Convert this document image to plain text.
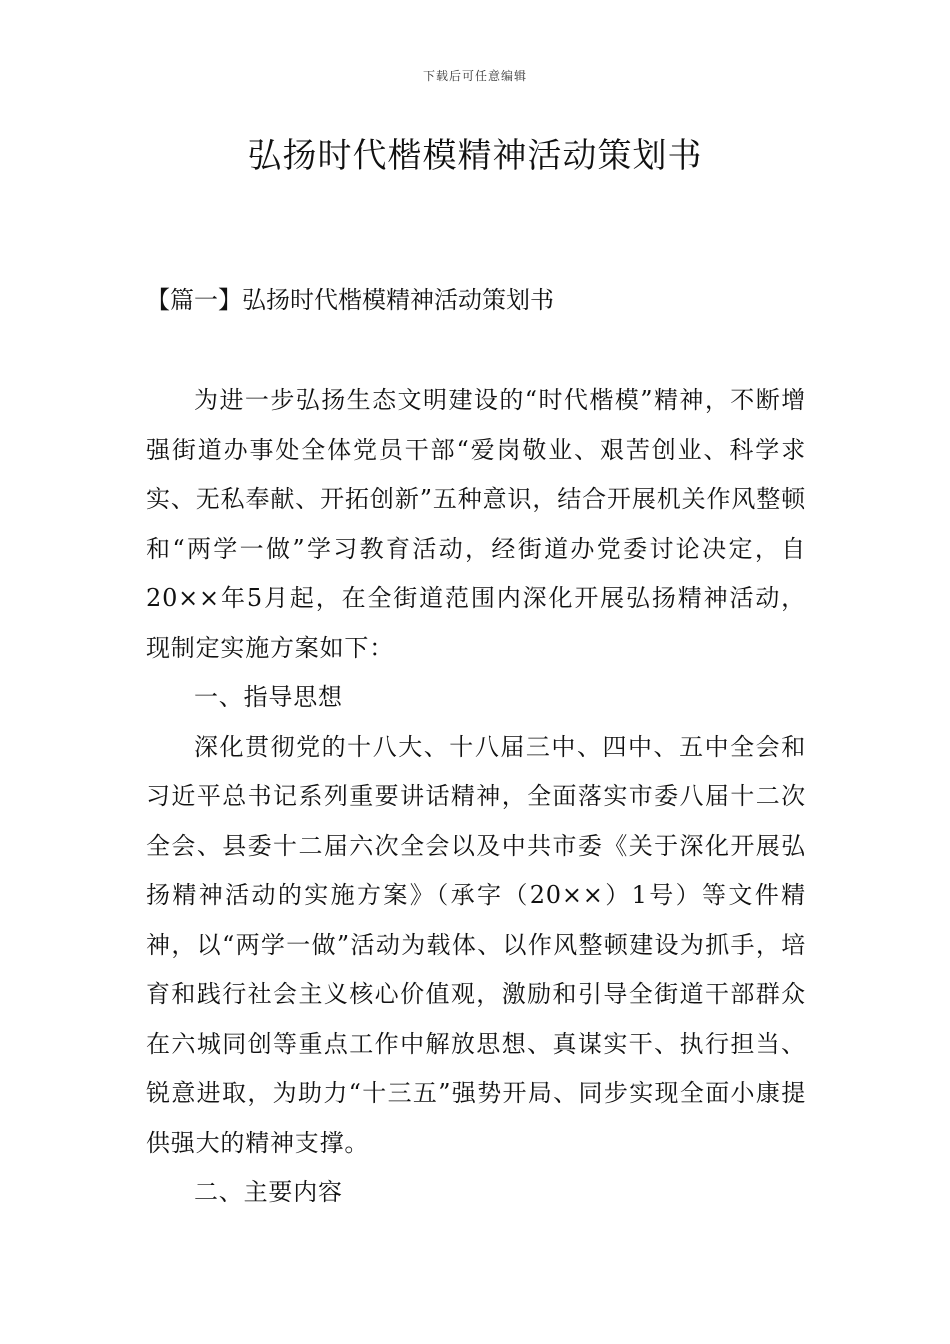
下载后可任意编辑
弘扬时代楷模精神活动策划书
【篇一】弘扬时代楷模精神活动策划书

为进一步弘扬生态文明建设的“时代楷模”精神，不断增强街道办事处全体党员干部“爱岗敬业、艰苦创业、科学求实、无私奉献、开拓创新”五种意识，结合开展机关作风整顿和“两学一做”学习教育活动，经街道办党委讨论决定，自20××年5月起，在全街道范围内深化开展弘扬精神活动，现制定实施方案如下：

一、指导思想

深化贯彻党的十八大、十八届三中、四中、五中全会和习近平总书记系列重要讲话精神，全面落实市委八届十二次全会、县委十二届六次全会以及中共市委《关于深化开展弘扬精神活动的实施方案》（承字（20××）1号）等文件精神，以“两学一做”活动为载体、以作风整顿建设为抓手，培育和践行社会主义核心价值观，激励和引导全街道干部群众在六城同创等重点工作中解放思想、真谋实干、执行担当、锐意进取，为助力“十三五”强势开局、同步实现全面小康提供强大的精神支撑。

二、主要内容
